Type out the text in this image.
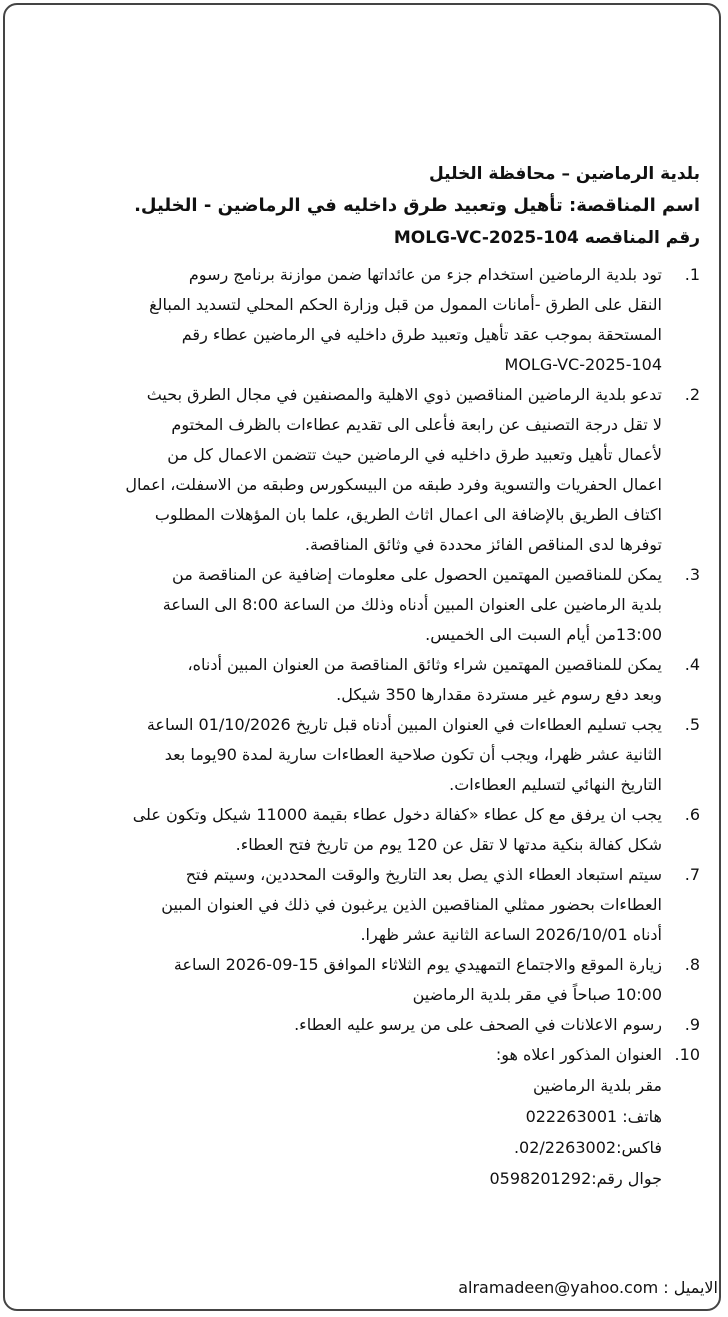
بلدية الرماضين – محافظة الخليل
اسم المناقصة: تأهيل وتعبيد طرق داخليه في الرماضين - الخليل.
رقم المناقصه MOLG-VC-2025-104
.1
تود بلدية الرماضين استخدام جزء من عائداتها ضمن موازنة برنامج رسوم
النقل على الطرق -أمانات الممول من قبل وزارة الحكم المحلي لتسديد المبالغ
المستحقة بموجب عقد تأهيل وتعبيد طرق داخليه في الرماضين عطاء رقم
MOLG-VC-2025-104
.2
تدعو بلدية الرماضين المناقصين ذوي الاهلية والمصنفين في مجال الطرق بحيث
لا تقل درجة التصنيف عن رابعة فأعلى الى تقديم عطاءات بالظرف المختوم
لأعمال تأهيل وتعبيد طرق داخليه في الرماضين حيث تتضمن الاعمال كل من
اعمال الحفريات والتسوية وفرد طبقه من البيسكورس وطبقه من الاسفلت، اعمال
اكتاف الطريق بالإضافة الى اعمال اثاث الطريق، علما بان المؤهلات المطلوب
توفرها لدى المناقص الفائز محددة في وثائق المناقصة.
.3
يمكن للمناقصين المهتمين الحصول على معلومات إضافية عن المناقصة من
بلدية الرماضين على العنوان المبين أدناه وذلك من الساعة 8:00 الى الساعة
13:00من أيام السبت الى الخميس.
.4
يمكن للمناقصين المهتمين شراء وثائق المناقصة من العنوان المبين أدناه،
وبعد دفع رسوم غير مستردة مقدارها 350 شيكل.
.5
يجب تسليم العطاءات في العنوان المبين أدناه قبل تاريخ 01/10/2026 الساعة
الثانية عشر ظهرا، ويجب أن تكون صلاحية العطاءات سارية لمدة 90يوما بعد
التاريخ النهائي لتسليم العطاءات.
.6
يجب ان يرفق مع كل عطاء «كفالة دخول عطاء بقيمة 11000 شيكل وتكون على
شكل كفالة بنكية مدتها لا تقل عن 120 يوم من تاريخ فتح العطاء.
.7
سيتم استبعاد العطاء الذي يصل بعد التاريخ والوقت المحددين، وسيتم فتح
العطاءات بحضور ممثلي المناقصين الذين يرغبون في ذلك في العنوان المبين
أدناه 2026/10/01 الساعة الثانية عشر ظهرا.
.8
زيارة الموقع والاجتماع التمهيدي يوم الثلاثاء الموافق 15-09-2026 الساعة
10:00 صباحاً في مقر بلدية الرماضين
.9
رسوم الاعلانات في الصحف على من يرسو عليه العطاء.
.10
العنوان المذكور اعلاه هو:
مقر بلدية الرماضين
هاتف: 022263001
فاكس:02/2263002.
جوال رقم:0598201292
الايميل : alramadeen@yahoo.com
